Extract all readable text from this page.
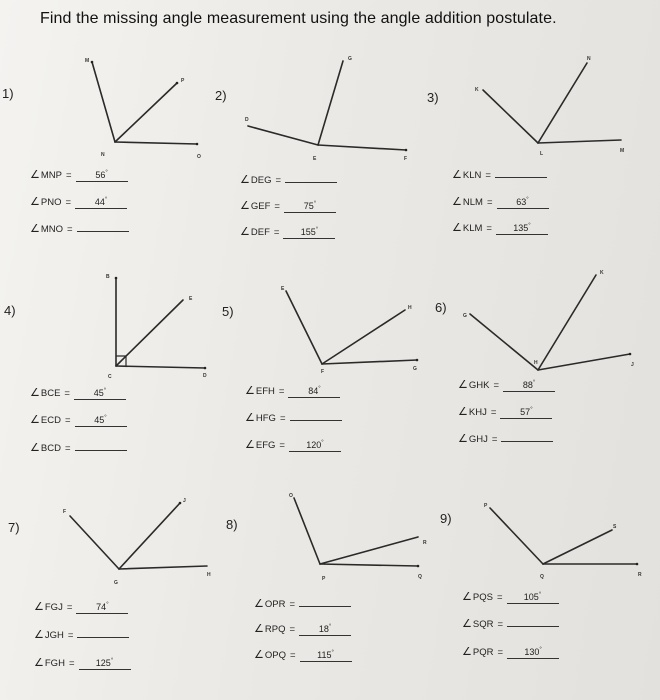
Find the missing angle measurement using the angle addition postulate.
1)	2)	3)
4)	5)	6)
7)	8)	9)
M
N	O
P
D
E	F
G
K
L	M
N
B
C	D
E
E
F	G
H
G
H	J
K
F
G
H
J
O
P	Q
R
P
Q	R
S
∠MNP =	56°
∠PNO =	44°
∠MNO =
∠DEG =
∠GEF =	75°
∠DEF = 155°
∠KLN =
∠NLM =	63°
∠KLM = 135°
∠BCE =	45°
∠ECD =	45°
∠BCD =
∠EFH =	84°
∠HFG =
∠EFG = 120°
∠GHK =	88°
∠KHJ =	57°
∠GHJ =
∠FGJ =	74°
∠JGH =
∠FGH = 125°
∠OPR =
∠RPQ =	18°
∠OPQ = 115°
∠PQS = 105°
∠SQR =
∠PQR = 130°
